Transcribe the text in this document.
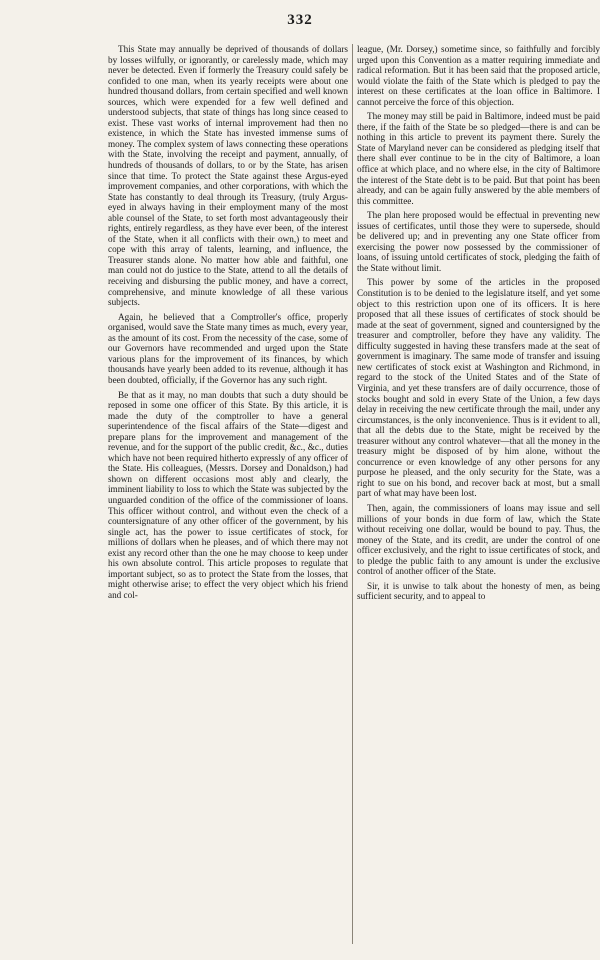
332

This State may annually be deprived of thousands of dollars by losses wilfully, or ignorantly, or carelessly made, which may never be detected. Even if formerly the Treasury could safely be confided to one man, when its yearly receipts were about one hundred thousand dollars, from certain specified and well known sources, which were expended for a few well defined and understood subjects, that state of things has long since ceased to exist. These vast works of internal improvement had then no existence, in which the State has invested immense sums of money. The complex system of laws connecting these operations with the State, involving the receipt and payment, annually, of hundreds of thousands of dollars, to or by the State, has arisen since that time. To protect the State against these Argus-eyed improvement companies, and other corporations, with which the State has constantly to deal through its Treasury, (truly Argus-eyed in always having in their employment many of the most able counsel of the State, to set forth most advantageously their rights, entirely regardless, as they have ever been, of the interest of the State, when it all conflicts with their own,) to meet and cope with this array of talents, learning, and influence, the Treasurer stands alone. No matter how able and faithful, one man could not do justice to the State, attend to all the details of receiving and disbursing the public money, and have a correct, comprehensive, and minute knowledge of all these various subjects.

Again, he believed that a Comptroller's office, properly organised, would save the State many times as much, every year, as the amount of its cost. From the necessity of the case, some of our Governors have recommended and urged upon the State various plans for the improvement of its finances, by which thousands have yearly been added to its revenue, although it has been doubted, officially, if the Governor has any such right.

Be that as it may, no man doubts that such a duty should be reposed in some one officer of this State. By this article, it is made the duty of the comptroller to have a general superintendence of the fiscal affairs of the State—digest and prepare plans for the improvement and management of the revenue, and for the support of the public credit, &c., &c., duties which have not been required hitherto expressly of any officer of the State. His colleagues, (Messrs. Dorsey and Donaldson,) had shown on different occasions most ably and clearly, the imminent liability to loss to which the State was subjected by the unguarded condition of the office of the commissioner of loans. This officer without control, and without even the check of a countersignature of any other officer of the government, by his single act, has the power to issue certificates of stock, for millions of dollars when he pleases, and of which there may not exist any record other than the one he may choose to keep under his own absolute control. This article proposes to regulate that important subject, so as to protect the State from the losses, that might otherwise arise; to effect the very object which his friend and col-

league, (Mr. Dorsey,) sometime since, so faithfully and forcibly urged upon this Convention as a matter requiring immediate and radical reformation. But it has been said that the proposed article, would violate the faith of the State which is pledged to pay the interest on these certificates at the loan office in Baltimore. I cannot perceive the force of this objection.

The money may still be paid in Baltimore, indeed must be paid there, if the faith of the State be so pledged—there is and can be nothing in this article to prevent its payment there. Surely the State of Maryland never can be considered as pledging itself that there shall ever continue to be in the city of Baltimore, a loan office at which place, and no where else, in the city of Baltimore the interest of the State debt is to be paid. But that point has been already, and can be again fully answered by the able members of this committee.

The plan here proposed would be effectual in preventing new issues of certificates, until those they were to supersede, should be delivered up; and in preventing any one State officer from exercising the power now possessed by the commissioner of loans, of issuing untold certificates of stock, pledging the faith of the State without limit.

This power by some of the articles in the proposed Constitution is to be denied to the legislature itself, and yet some object to this restriction upon one of its officers. It is here proposed that all these issues of certificates of stock should be made at the seat of government, signed and countersigned by the treasurer and comptroller, before they have any validity. The difficulty suggested in having these transfers made at the seat of government is imaginary. The same mode of transfer and issuing new certificates of stock exist at Washington and Richmond, in regard to the stock of the United States and of the State of Virginia, and yet these transfers are of daily occurrence, those of stocks bought and sold in every State of the Union, a few days delay in receiving the new certificate through the mail, under any circumstances, is the only inconvenience. Thus is it evident to all, that all the debts due to the State, might be received by the treasurer without any control whatever—that all the money in the treasury might be disposed of by him alone, without the concurrence or even knowledge of any other persons for any purpose he pleased, and the only security for the State, was a right to sue on his bond, and recover back at most, but a small part of what may have been lost.

Then, again, the commissioners of loans may issue and sell millions of your bonds in due form of law, which the State without receiving one dollar, would be bound to pay. Thus, the money of the State, and its credit, are under the control of one officer exclusively, and the right to issue certificates of stock, and to pledge the public faith to any amount is under the exclusive control of another officer of the State.

Sir, it is unwise to talk about the honesty of men, as being sufficient security, and to appeal to
